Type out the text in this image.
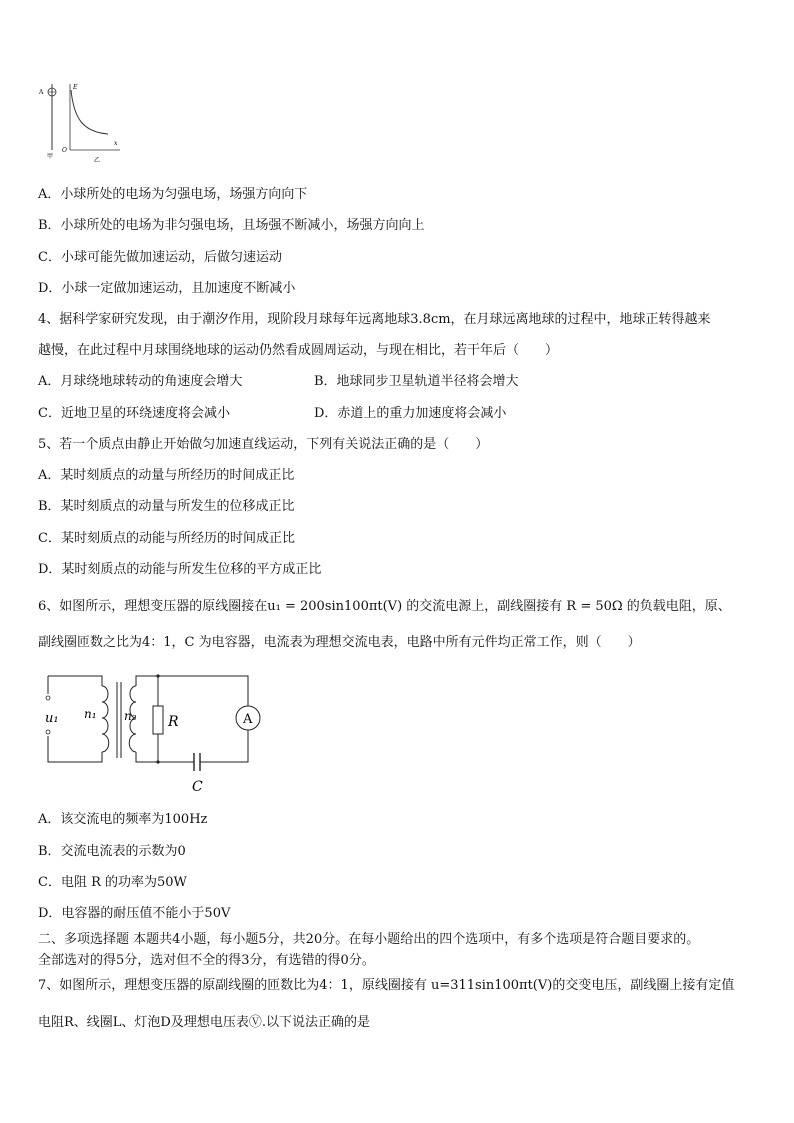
A
甲
E
O
x
乙
A．小球所处的电场为匀强电场，场强方向向下
B．小球所处的电场为非匀强电场，且场强不断减小，场强方向向上
C．小球可能先做加速运动，后做匀速运动
D．小球一定做加速运动，且加速度不断减小
4、据科学家研究发现，由于潮汐作用，现阶段月球每年远离地球3.8cm，在月球远离地球的过程中，地球正转得越来
越慢，在此过程中月球围绕地球的运动仍然看成圆周运动，与现在相比，若干年后（　　）
A．月球绕地球转动的角速度会增大	B．地球同步卫星轨道半径将会增大
C．近地卫星的环绕速度将会减小	D．赤道上的重力加速度将会减小
5、若一个质点由静止开始做匀加速直线运动，下列有关说法正确的是（　　）
A．某时刻质点的动量与所经历的时间成正比
B．某时刻质点的动量与所发生的位移成正比
C．某时刻质点的动能与所经历的时间成正比
D．某时刻质点的动能与所发生位移的平方成正比
6、如图所示，理想变压器的原线圈接在u₁ = 200sin100πt(V) 的交流电源上，副线圈接有 R = 50Ω 的负载电阻，原、
副线圈匝数之比为4：1，C 为电容器，电流表为理想交流电表，电路中所有元件均正常工作，则（　　）
u₁ n₁ n₂ R	A
C
A．该交流电的频率为100Hz
B．交流电流表的示数为0
C．电阻 R 的功率为50W
D．电容器的耐压值不能小于50V
二、多项选择题 本题共4小题，每小题5分，共20分。在每小题给出的四个选项中，有多个选项是符合题目要求的。
全部选对的得5分，选对但不全的得3分，有选错的得0分。
7、如图所示，理想变压器的原副线圈的匝数比为4：1，原线圈接有 u=311sin100πt(V)的交变电压，副线圈上接有定值
电阻R、线圈L、灯泡D及理想电压表Ⓥ.以下说法正确的是
